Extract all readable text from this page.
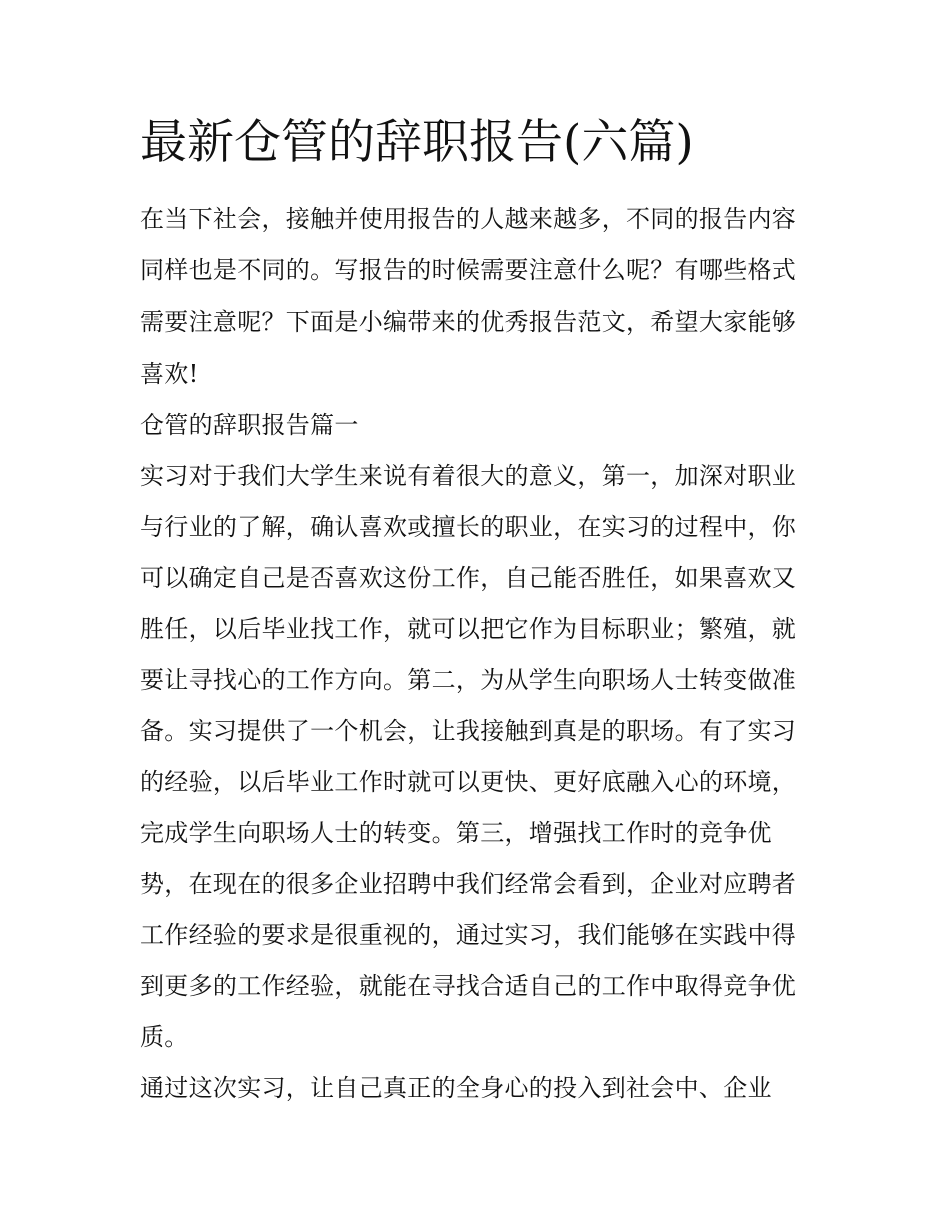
最新仓管的辞职报告(六篇)

在当下社会，接触并使用报告的人越来越多，不同的报告内容

同样也是不同的。写报告的时候需要注意什么呢？有哪些格式

需要注意呢？下面是小编带来的优秀报告范文，希望大家能够

喜欢!

仓管的辞职报告篇一

实习对于我们大学生来说有着很大的意义，第一，加深对职业

与行业的了解，确认喜欢或擅长的职业，在实习的过程中，你

可以确定自己是否喜欢这份工作，自己能否胜任，如果喜欢又

胜任，以后毕业找工作，就可以把它作为目标职业；繁殖，就

要让寻找心的工作方向。第二，为从学生向职场人士转变做准

备。实习提供了一个机会，让我接触到真是的职场。有了实习

的经验，以后毕业工作时就可以更快、更好底融入心的环境，

完成学生向职场人士的转变。第三，增强找工作时的竞争优

势，在现在的很多企业招聘中我们经常会看到，企业对应聘者

工作经验的要求是很重视的，通过实习，我们能够在实践中得

到更多的工作经验，就能在寻找合适自己的工作中取得竞争优

质。

通过这次实习，让自己真正的全身心的投入到社会中、企业
